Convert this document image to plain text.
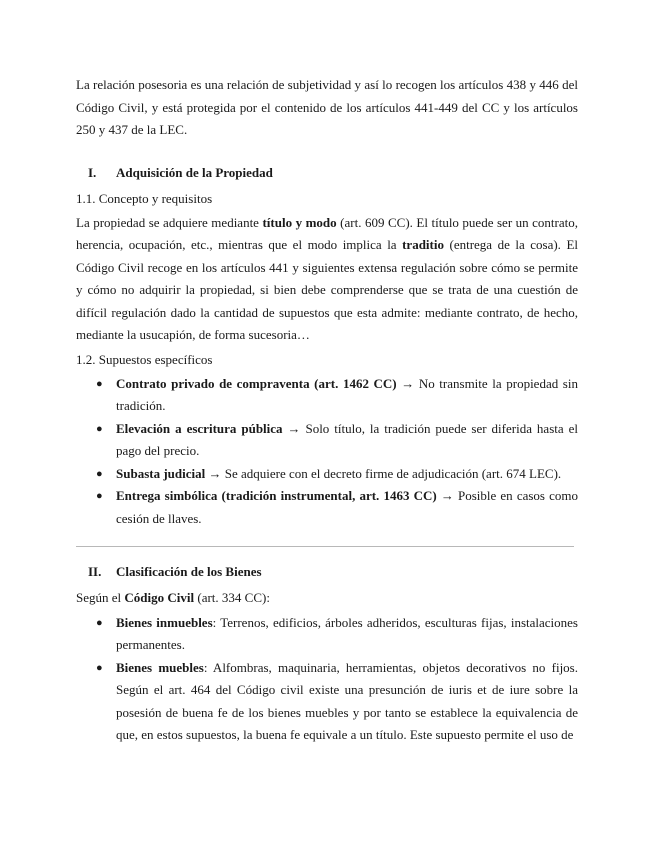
La relación posesoria es una relación de subjetividad y así lo recogen los artículos 438 y 446 del Código Civil, y está protegida por el contenido de los artículos 441-449 del CC y los artículos 250 y 437 de la LEC.

I.	Adquisición de la Propiedad

1.1. Concepto y requisitos

La propiedad se adquiere mediante título y modo (art. 609 CC). El título puede ser un contrato, herencia, ocupación, etc., mientras que el modo implica la traditio (entrega de la cosa). El Código Civil recoge en los artículos 441 y siguientes extensa regulación sobre cómo se permite y cómo no adquirir la propiedad, si bien debe comprenderse que se trata de una cuestión de difícil regulación dado la cantidad de supuestos que esta admite: mediante contrato, de hecho, mediante la usucapión, de forma sucesoria…

1.2. Supuestos específicos

● Contrato privado de compraventa (art. 1462 CC) → No transmite la propiedad sin tradición.
● Elevación a escritura pública → Solo título, la tradición puede ser diferida hasta el pago del precio.
● Subasta judicial → Se adquiere con el decreto firme de adjudicación (art. 674 LEC).
● Entrega simbólica (tradición instrumental, art. 1463 CC) → Posible en casos como cesión de llaves.
II.	Clasificación de los Bienes

Según el Código Civil (art. 334 CC):

● Bienes inmuebles: Terrenos, edificios, árboles adheridos, esculturas fijas, instalaciones permanentes.
● Bienes muebles: Alfombras, maquinaria, herramientas, objetos decorativos no fijos. Según el art. 464 del Código civil existe una presunción de iuris et de iure sobre la posesión de buena fe de los bienes muebles y por tanto se establece la equivalencia de que, en estos supuestos, la buena fe equivale a un título. Este supuesto permite el uso de
